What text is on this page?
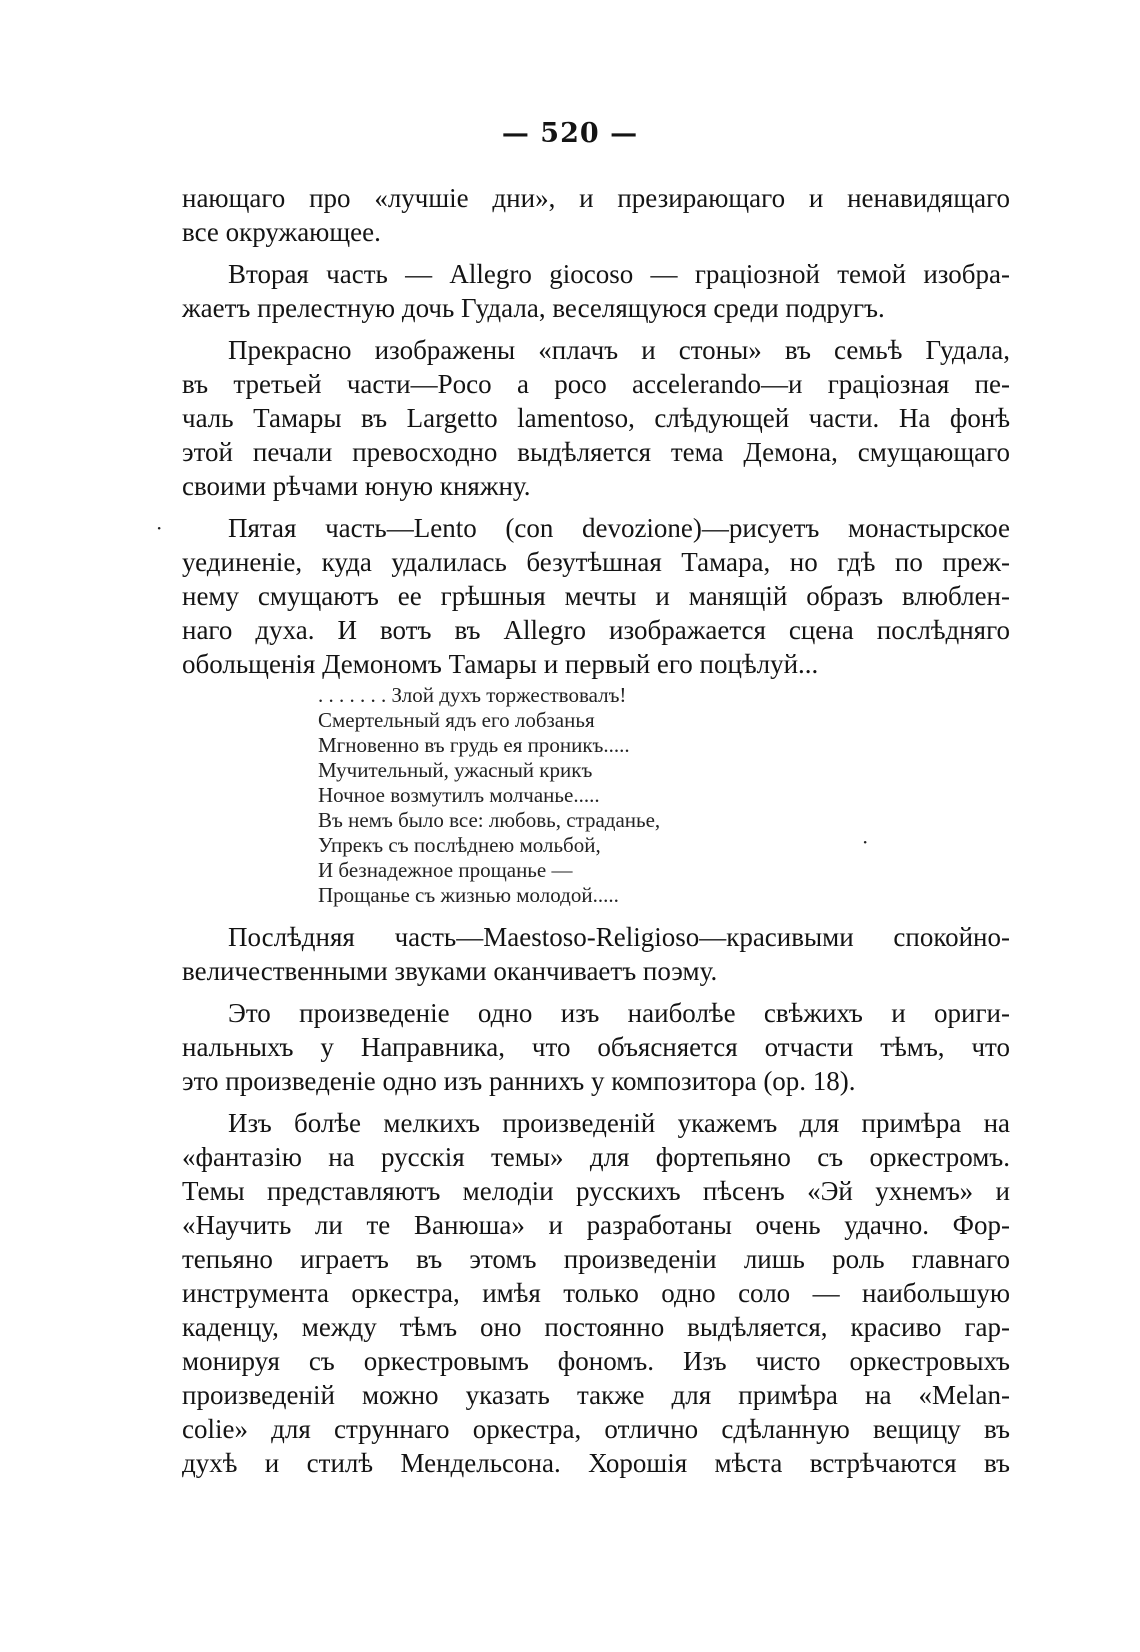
— 520 —
нающаго про «лучшіе дни», и презирающаго и ненавидящаго
все окружающее.
Вторая часть — Allegro giocoso — граціозной темой изобра-
жаетъ прелестную дочь Гудала, веселящуюся среди подругъ.
Прекрасно изображены «плачъ и стоны» въ семьѣ Гудала,
въ третьей части—Poco a poco accelerando—и граціозная пе-
чаль Тамары въ Largetto lamentoso, слѣдующей части. На фонѣ
этой печали превосходно выдѣляется тема Демона, смущающаго
своими рѣчами юную княжну.
Пятая часть—Lento (con devozione)—рисуетъ монастырское
уединеніе, куда удалилась безутѣшная Тамара, но гдѣ по преж-
нему смущаютъ ее грѣшныя мечты и манящій образъ влюблен-
наго духа. И вотъ въ Allegro изображается сцена послѣдняго
обольщенія Демономъ Тамары и первый его поцѣлуй...
·
. . . . . . . Злой духъ торжествовалъ!
Смертельный ядъ его лобзанья
Мгновенно въ грудь ея проникъ.....
Мучительный, ужасный крикъ
Ночное возмутилъ молчанье.....
Въ немъ было все: любовь, страданье,
Упрекъ съ послѣднею мольбой,
И безнадежное прощанье —
Прощанье съ жизнью молодой.....
·
Послѣдняя часть—Maestoso-Religioso—красивыми спокойно-
величественными звуками оканчиваетъ поэму.
Это произведеніе одно изъ наиболѣе свѣжихъ и ориги-
нальныхъ у Направника, что объясняется отчасти тѣмъ, что
это произведеніе одно изъ раннихъ у композитора (ор. 18).
Изъ болѣе мелкихъ произведеній укажемъ для примѣра на
«фантазію на русскія темы» для фортепьяно съ оркестромъ.
Темы представляютъ мелодіи русскихъ пѣсенъ «Эй ухнемъ» и
«Научить ли те Ванюша» и разработаны очень удачно. Фор-
тепьяно играетъ въ этомъ произведеніи лишь роль главнаго
инструмента оркестра, имѣя только одно соло — наибольшую
каденцу, между тѣмъ оно постоянно выдѣляется, красиво гар-
монируя съ оркестровымъ фономъ. Изъ чисто оркестровыхъ
произведеній можно указать также для примѣра на «Melan-
colie» для струннаго оркестра, отлично сдѣланную вещицу въ
духѣ и стилѣ Мендельсона. Хорошія мѣста встрѣчаются въ
